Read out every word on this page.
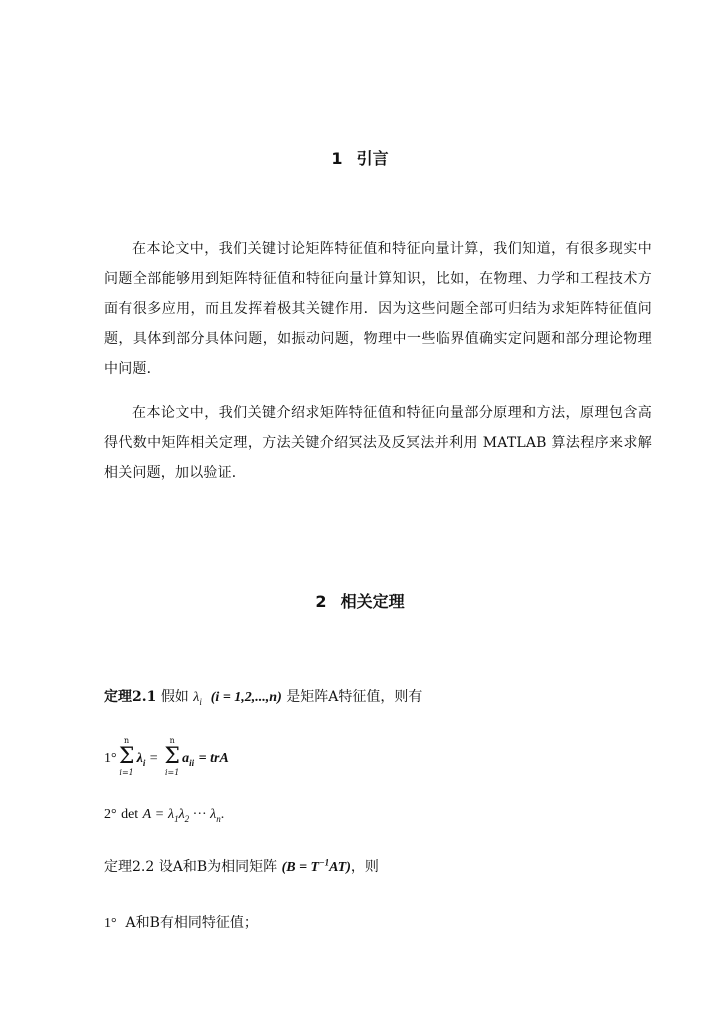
1 引言
在本论文中，我们关键讨论矩阵特征值和特征向量计算，我们知道，有很多现实中问题全部能够用到矩阵特征值和特征向量计算知识，比如，在物理、力学和工程技术方面有很多应用，而且发挥着极其关键作用．因为这些问题全部可归结为求矩阵特征值问题，具体到部分具体问题，如振动问题，物理中一些临界值确实定问题和部分理论物理中问题．
在本论文中，我们关键介绍求矩阵特征值和特征向量部分原理和方法，原理包含高得代数中矩阵相关定理，方法关键介绍冥法及反冥法并利用 MATLAB 算法程序来求解相关问题，加以验证．
2 相关定理
定理2.1 假如 $\lambda_i$ (i = 1,2,...,n) 是矩阵A特征值，则有
1°
n
Σ
i=1
$\lambda_i$ =
n
Σ
i=1
$a_{ii}$ = trA
2° $\det A = \lambda_1\lambda_2$ ··· $\lambda_n$.
定理2.2 设A和B为相同矩阵 $(B = T^{-1}AT)$，则
1° A和B有相同特征值；
